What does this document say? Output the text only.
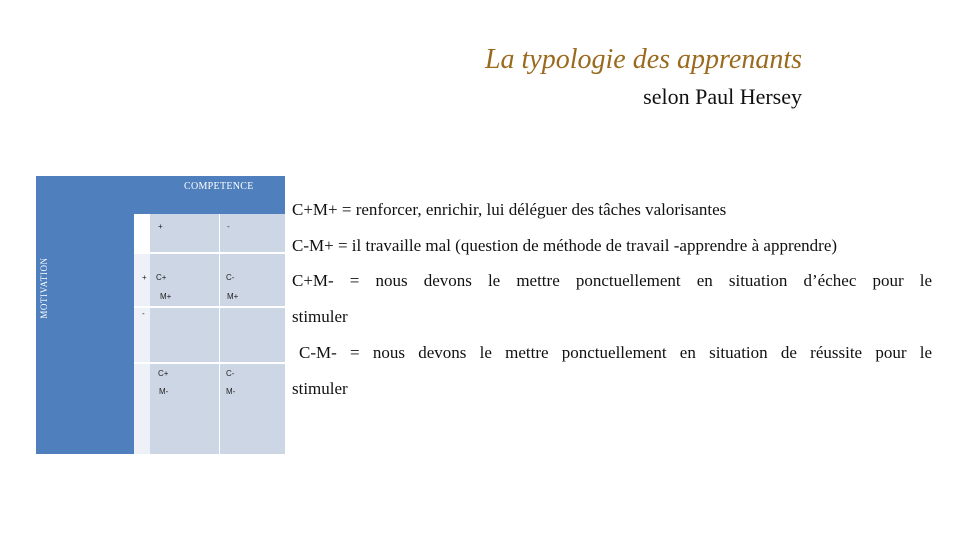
La typologie des apprenants
selon Paul Hersey
COMPETENCE
MOTIVATION
+	-
+
-
C+
M+
C-
M+
C+
M-
C-
M-
C+M+ = renforcer, enrichir, lui déléguer des tâches valorisantes
C-M+ = il travaille mal (question de méthode de travail -apprendre à apprendre)
C+M- = nous devons le mettre ponctuellement en situation d’échec pour le
stimuler
C-M- = nous devons le mettre ponctuellement en situation de réussite pour le
stimuler
